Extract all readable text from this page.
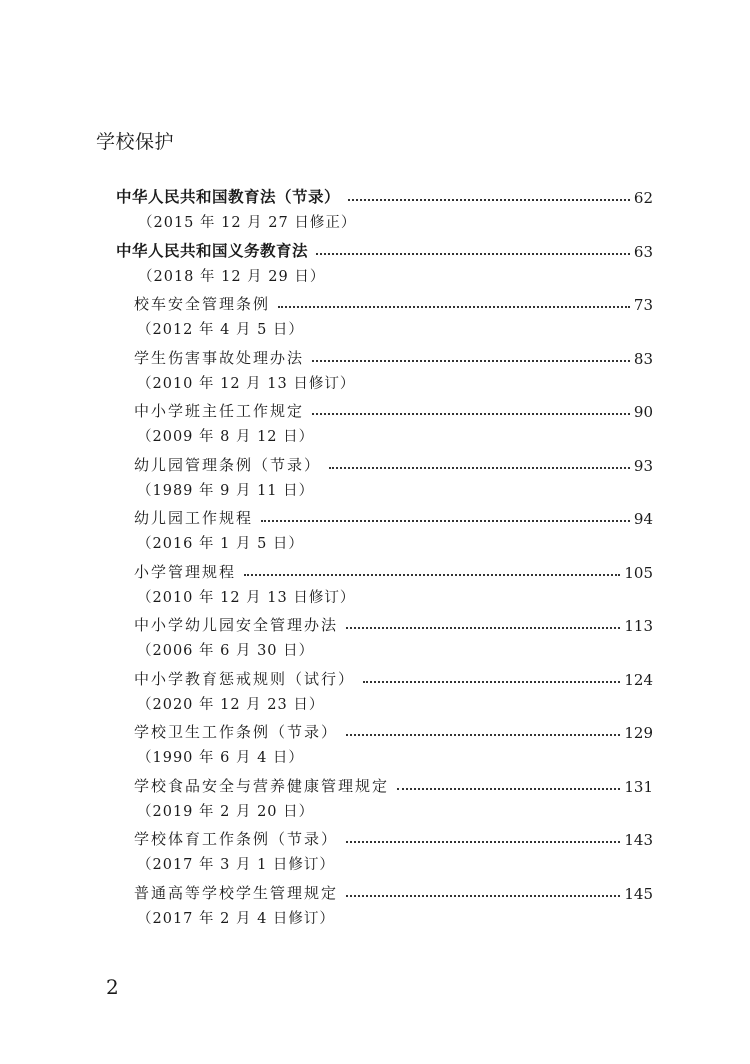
学校保护
中华人民共和国教育法（节录）	62
（2015 年 12 月 27 日修正）
中华人民共和国义务教育法	63
（2018 年 12 月 29 日）
校车安全管理条例	73
（2012 年 4 月 5 日）
学生伤害事故处理办法	83
（2010 年 12 月 13 日修订）
中小学班主任工作规定	90
（2009 年 8 月 12 日）
幼儿园管理条例（节录）	93
（1989 年 9 月 11 日）
幼儿园工作规程	94
（2016 年 1 月 5 日）
小学管理规程	105
（2010 年 12 月 13 日修订）
中小学幼儿园安全管理办法	113
（2006 年 6 月 30 日）
中小学教育惩戒规则（试行）	124
（2020 年 12 月 23 日）
学校卫生工作条例（节录）	129
（1990 年 6 月 4 日）
学校食品安全与营养健康管理规定	131
（2019 年 2 月 20 日）
学校体育工作条例（节录）	143
（2017 年 3 月 1 日修订）
普通高等学校学生管理规定	145
（2017 年 2 月 4 日修订）
2
